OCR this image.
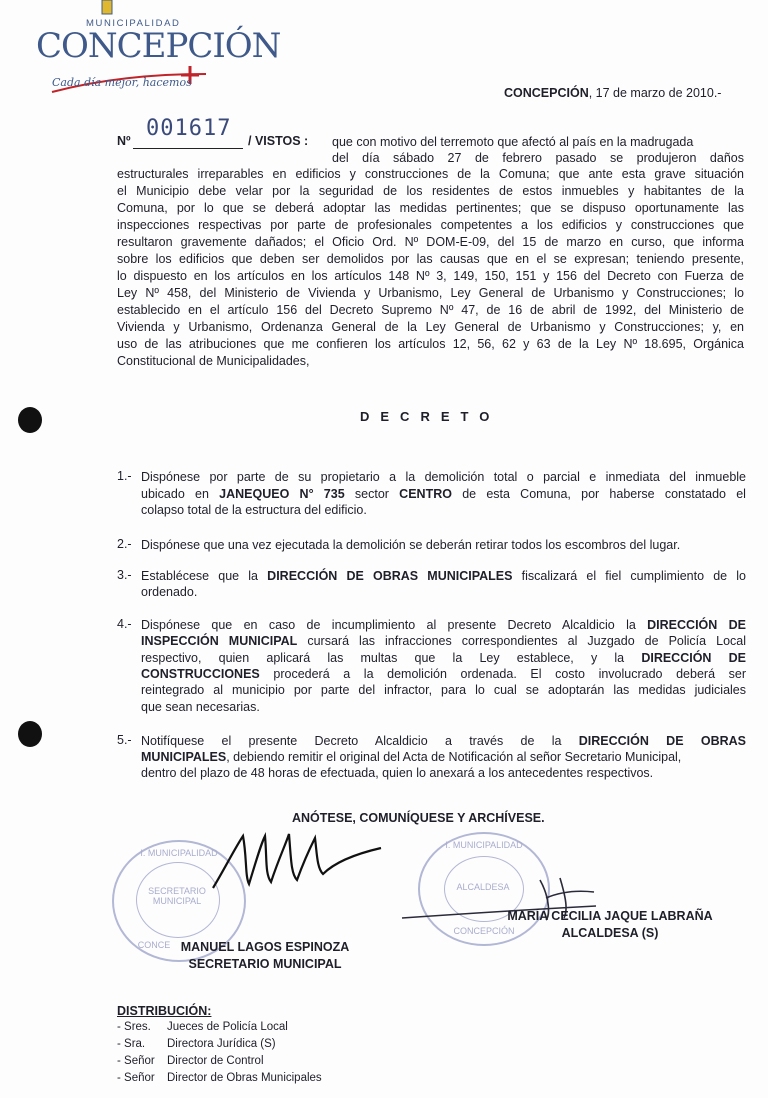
MUNICIPALIDAD
CONCEPCIÓN
Cada día mejor, hacemos
CONCEPCIÓN, 17 de marzo de 2010.-
Nº 001617 / VISTOS : que con motivo del terremoto que afectó al país en la madrugada
del día sábado 27 de febrero pasado se produjeron daños
estructurales irreparables en edificios y construcciones de la Comuna; que ante esta grave situación
el Municipio debe velar por la seguridad de los residentes de estos inmuebles y habitantes de la
Comuna, por lo que se deberá adoptar las medidas pertinentes; que se dispuso oportunamente las
inspecciones respectivas por parte de profesionales competentes a los edificios y construcciones que
resultaron gravemente dañados; el Oficio Ord. Nº DOM-E-09, del 15 de marzo en curso, que informa
sobre los edificios que deben ser demolidos por las causas que en el se expresan; teniendo presente,
lo dispuesto en los artículos en los artículos 148 Nº 3, 149, 150, 151 y 156 del Decreto con Fuerza de
Ley Nº 458, del Ministerio de Vivienda y Urbanismo, Ley General de Urbanismo y Construcciones; lo
establecido en el artículo 156 del Decreto Supremo Nº 47, de 16 de abril de 1992, del Ministerio de
Vivienda y Urbanismo, Ordenanza General de la Ley General de Urbanismo y Construcciones; y, en
uso de las atribuciones que me confieren los artículos 12, 56, 62 y 63 de la Ley Nº 18.695, Orgánica
Constitucional de Municipalidades,
DECRETO
1.- Dispónese por parte de su propietario a la demolición total o parcial e inmediata del inmueble
ubicado en JANEQUEO N° 735 sector CENTRO de esta Comuna, por haberse constatado el
colapso total de la estructura del edificio.
2.- Dispónese que una vez ejecutada la demolición se deberán retirar todos los escombros del lugar.
3.- Establécese que la DIRECCIÓN DE OBRAS MUNICIPALES fiscalizará el fiel cumplimiento de lo
ordenado.
4.- Dispónese que en caso de incumplimiento al presente Decreto Alcaldicio la DIRECCIÓN DE
INSPECCIÓN MUNICIPAL cursará las infracciones correspondientes al Juzgado de Policía Local
respectivo, quien aplicará las multas que la Ley establece, y la DIRECCIÓN DE
CONSTRUCCIONES procederá a la demolición ordenada. El costo involucrado deberá ser
reintegrado al municipio por parte del infractor, para lo cual se adoptarán las medidas judiciales
que sean necesarias.
5.- Notifíquese el presente Decreto Alcaldicio a través de la DIRECCIÓN DE OBRAS
MUNICIPALES, debiendo remitir el original del Acta de Notificación al señor Secretario Municipal,
dentro del plazo de 48 horas de efectuada, quien lo anexará a los antecedentes respectivos.
ANÓTESE, COMUNÍQUESE Y ARCHÍVESE.
I. MUNICIPALIDAD
SECRETARIO MUNICIPAL
CONCE
I. MUNICIPALIDAD
ALCALDESA
CONCEPCIÓN
MANUEL LAGOS ESPINOZA
SECRETARIO MUNICIPAL
MARÍA CECILIA JAQUE LABRAÑA
ALCALDESA (S)
DISTRIBUCIÓN:
- Sres. Jueces de Policía Local
- Sra. Directora Jurídica (S)
- Señor Director de Control
- Señor Director de Obras Municipales
